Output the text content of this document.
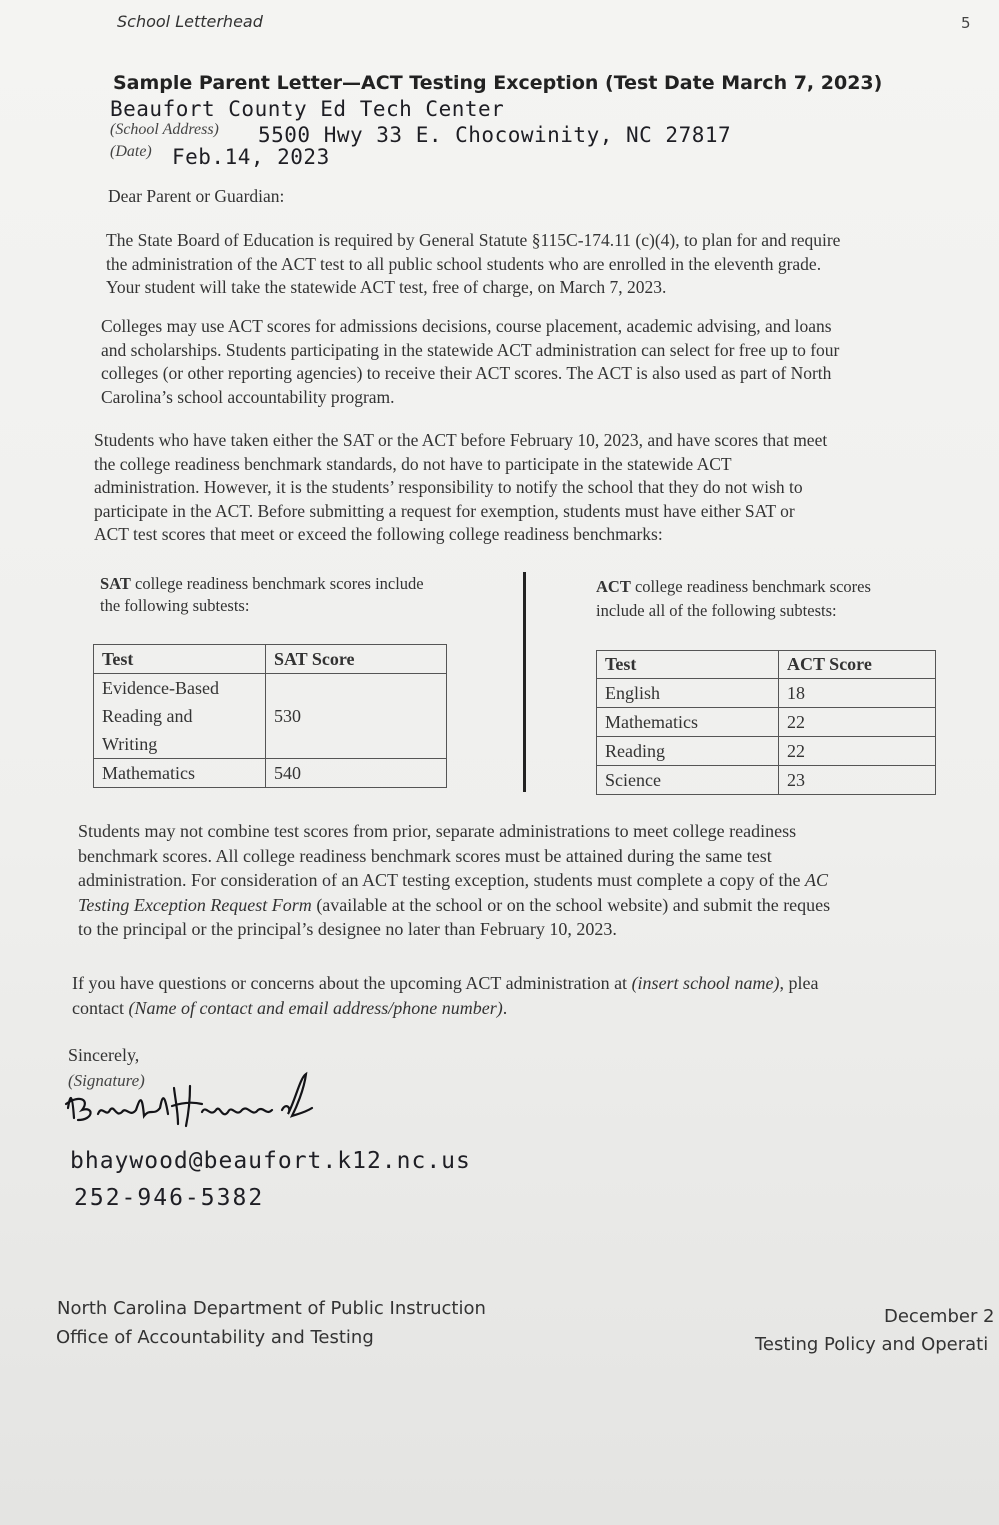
School Letterhead	5
Sample Parent Letter—ACT Testing Exception (Test Date March 7, 2023)
Beaufort County Ed Tech Center
(School Address) 5500 Hwy 33 E. Chocowinity, NC 27817
(Date) Feb.14, 2023
Dear Parent or Guardian:
The State Board of Education is required by General Statute §115C-174.11 (c)(4), to plan for and require
the administration of the ACT test to all public school students who are enrolled in the eleventh grade.
Your student will take the statewide ACT test, free of charge, on March 7, 2023.
Colleges may use ACT scores for admissions decisions, course placement, academic advising, and loans
and scholarships. Students participating in the statewide ACT administration can select for free up to four
colleges (or other reporting agencies) to receive their ACT scores. The ACT is also used as part of North
Carolina’s school accountability program.
Students who have taken either the SAT or the ACT before February 10, 2023, and have scores that meet
the college readiness benchmark standards, do not have to participate in the statewide ACT
administration. However, it is the students’ responsibility to notify the school that they do not wish to
participate in the ACT. Before submitting a request for exemption, students must have either SAT or
ACT test scores that meet or exceed the following college readiness benchmarks:
SAT college readiness benchmark scores include
the following subtests:
Test	SAT Score

Evidence-Based
Reading and
Writing	530
Mathematics	540
ACT college readiness benchmark scores
include all of the following subtests:
Test	ACT Score
English	18
Mathematics	22
Reading	22
Science	23
Students may not combine test scores from prior, separate administrations to meet college readiness
benchmark scores. All college readiness benchmark scores must be attained during the same test
administration. For consideration of an ACT testing exception, students must complete a copy of the AC
Testing Exception Request Form (available at the school or on the school website) and submit the reques
to the principal or the principal’s designee no later than February 10, 2023.
If you have questions or concerns about the upcoming ACT administration at (insert school name), plea
contact (Name of contact and email address/phone number).
Sincerely,
(Signature)
bhaywood@beaufort.k12.nc.us
252-946-5382
North Carolina Department of Public Instruction
Office of Accountability and Testing
December 2
Testing Policy and Operati
